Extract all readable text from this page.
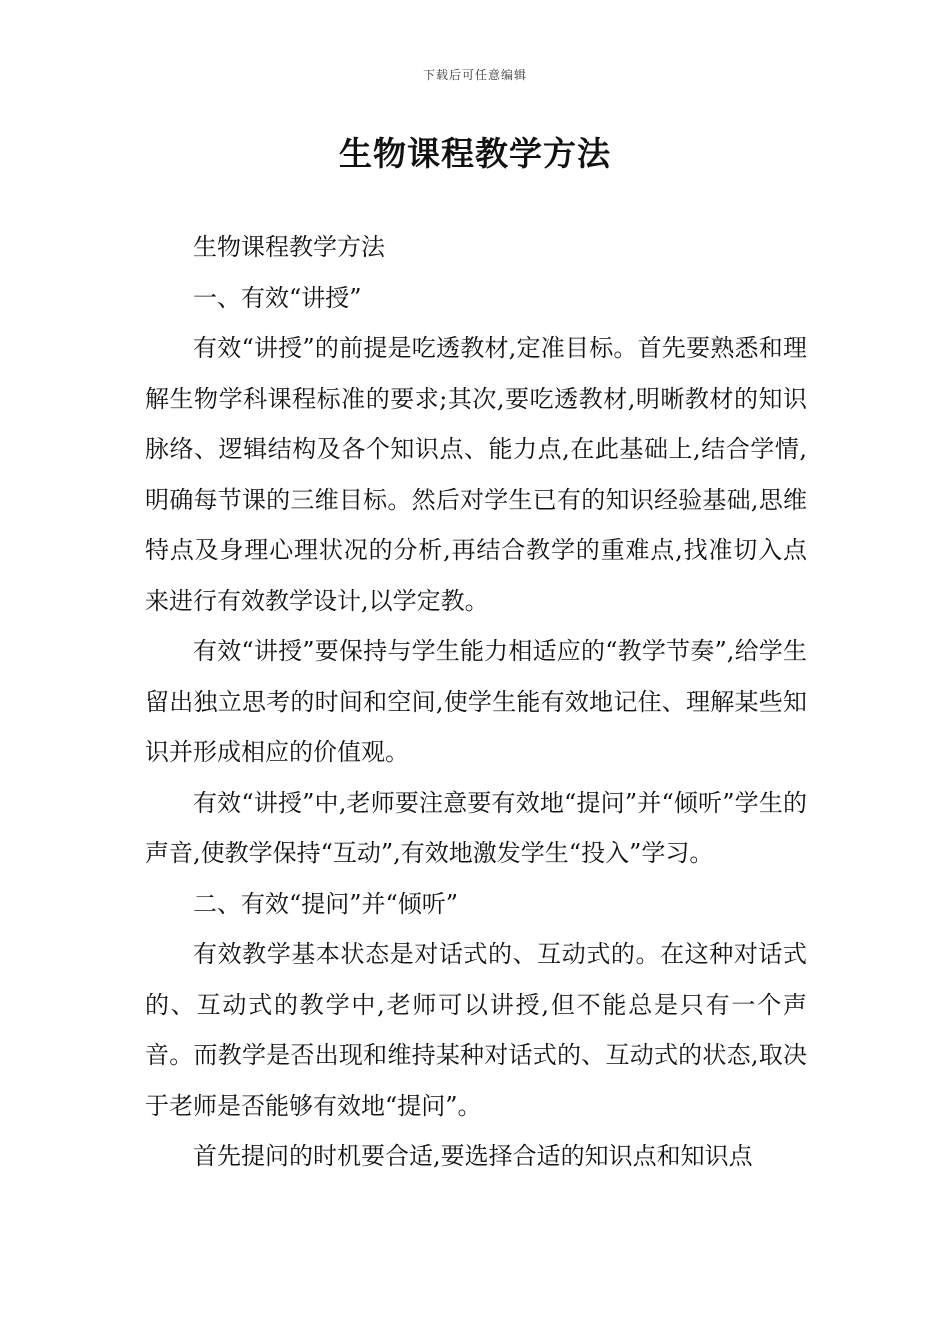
下载后可任意编辑
生物课程教学方法

生物课程教学方法

一、有效“讲授”

有效“讲授”的前提是吃透教材,定准目标。首先要熟悉和理解生物学科课程标准的要求;其次,要吃透教材,明晰教材的知识脉络、逻辑结构及各个知识点、能力点,在此基础上,结合学情,明确每节课的三维目标。然后对学生已有的知识经验基础,思维特点及身理心理状况的分析,再结合教学的重难点,找准切入点来进行有效教学设计,以学定教。

有效“讲授”要保持与学生能力相适应的“教学节奏”,给学生留出独立思考的时间和空间,使学生能有效地记住、理解某些知识并形成相应的价值观。

有效“讲授”中,老师要注意要有效地“提问”并“倾听”学生的声音,使教学保持“互动”,有效地激发学生“投入”学习。

二、有效“提问”并“倾听”

有效教学基本状态是对话式的、互动式的。在这种对话式的、互动式的教学中,老师可以讲授,但不能总是只有一个声音。而教学是否出现和维持某种对话式的、互动式的状态,取决于老师是否能够有效地“提问”。

首先提问的时机要合适,要选择合适的知识点和知识点
